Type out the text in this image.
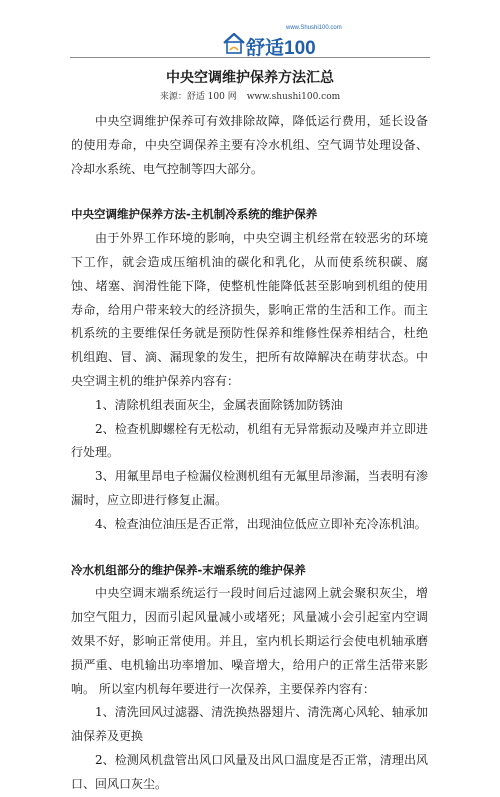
www.Shushi100.com
舒适100
中央空调维护保养方法汇总
来源：舒适 100 网 www.shushi100.com

中央空调维护保养可有效排除故障，降低运行费用，延长设备的使用寿命，中央空调保养主要有冷水机组、空气调节处理设备、冷却水系统、电气控制等四大部分。

中央空调维护保养方法-主机制冷系统的维护保养

由于外界工作环境的影响，中央空调主机经常在较恶劣的环境下工作，就会造成压缩机油的碳化和乳化，从而使系统积碳、腐蚀、堵塞、润滑性能下降，使整机性能降低甚至影响到机组的使用寿命，给用户带来较大的经济损失，影响正常的生活和工作。而主机系统的主要维保任务就是预防性保养和维修性保养相结合，杜绝机组跑、冒、滴、漏现象的发生，把所有故障解决在萌芽状态。中央空调主机的维护保养内容有：

1、清除机组表面灰尘，金属表面除锈加防锈油

2、检查机脚螺栓有无松动，机组有无异常振动及噪声并立即进行处理。

3、用氟里昂电子检漏仪检测机组有无氟里昂渗漏，当表明有渗漏时，应立即进行修复止漏。

4、检查油位油压是否正常，出现油位低应立即补充冷冻机油。

冷水机组部分的维护保养-末端系统的维护保养

中央空调末端系统运行一段时间后过滤网上就会聚积灰尘，增加空气阻力，因而引起风量减小或堵死；风量减小会引起室内空调效果不好，影响正常使用。并且，室内机长期运行会使电机轴承磨损严重、电机输出功率增加、噪音增大，给用户的正常生活带来影响。 所以室内机每年要进行一次保养，主要保养内容有：

1、清洗回风过滤器、清洗换热器翅片、清洗离心风轮、轴承加油保养及更换

2、检测风机盘管出风口风量及出风口温度是否正常，清理出风口、回风口灰尘。
